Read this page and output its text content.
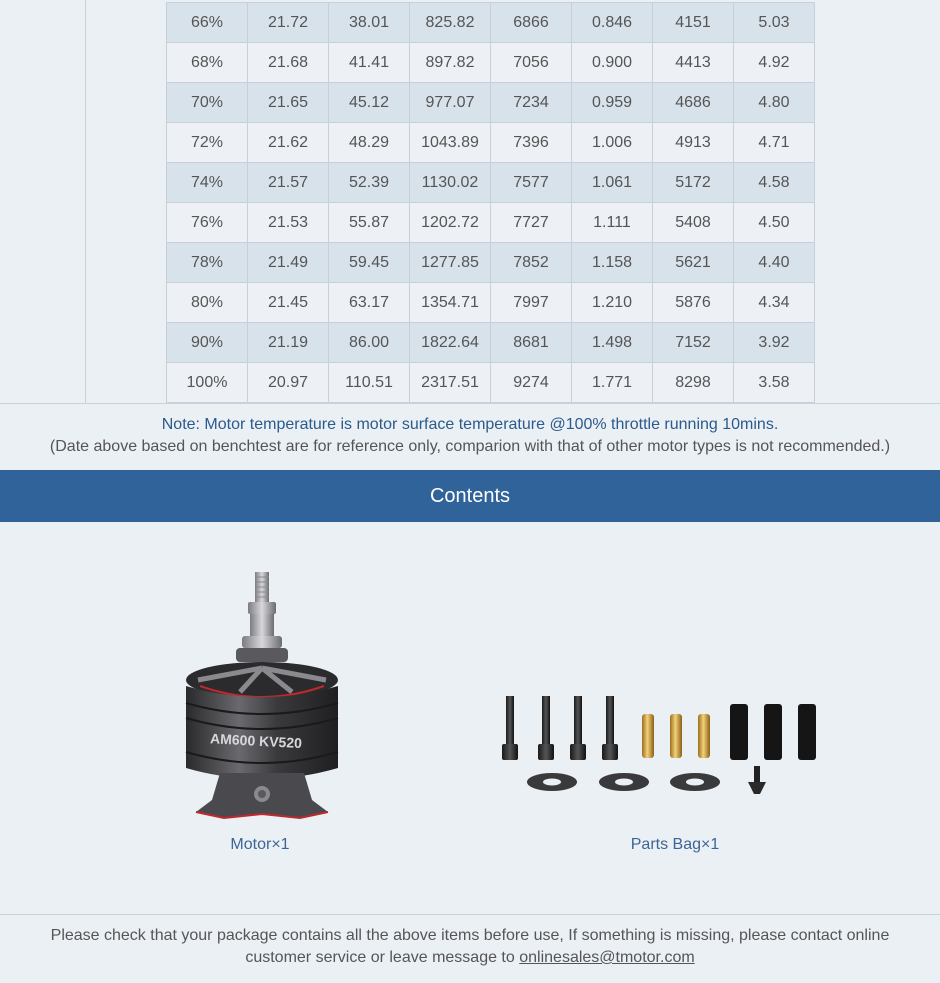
66%	21.72	38.01	825.82	6866	0.846	4151	5.03
68%	21.68	41.41	897.82	7056	0.900	4413	4.92
70%	21.65	45.12	977.07	7234	0.959	4686	4.80
72%	21.62	48.29	1043.89	7396	1.006	4913	4.71
74%	21.57	52.39	1130.02	7577	1.061	5172	4.58
76%	21.53	55.87	1202.72	7727	1.111	5408	4.50
78%	21.49	59.45	1277.85	7852	1.158	5621	4.40
80%	21.45	63.17	1354.71	7997	1.210	5876	4.34
90%	21.19	86.00	1822.64	8681	1.498	7152	3.92
100%	20.97	110.51	2317.51	9274	1.771	8298	3.58
Note: Motor temperature is motor surface temperature @100% throttle running 10mins.
(Date above based on benchtest are for reference only, comparion with that of other motor types is not recommended.)
Contents
AM600 KV520
Motor×1	Parts Bag×1
Please check that your package contains all the above items before use, If something is missing, please contact online customer service or leave message to onlinesales@tmotor.com
